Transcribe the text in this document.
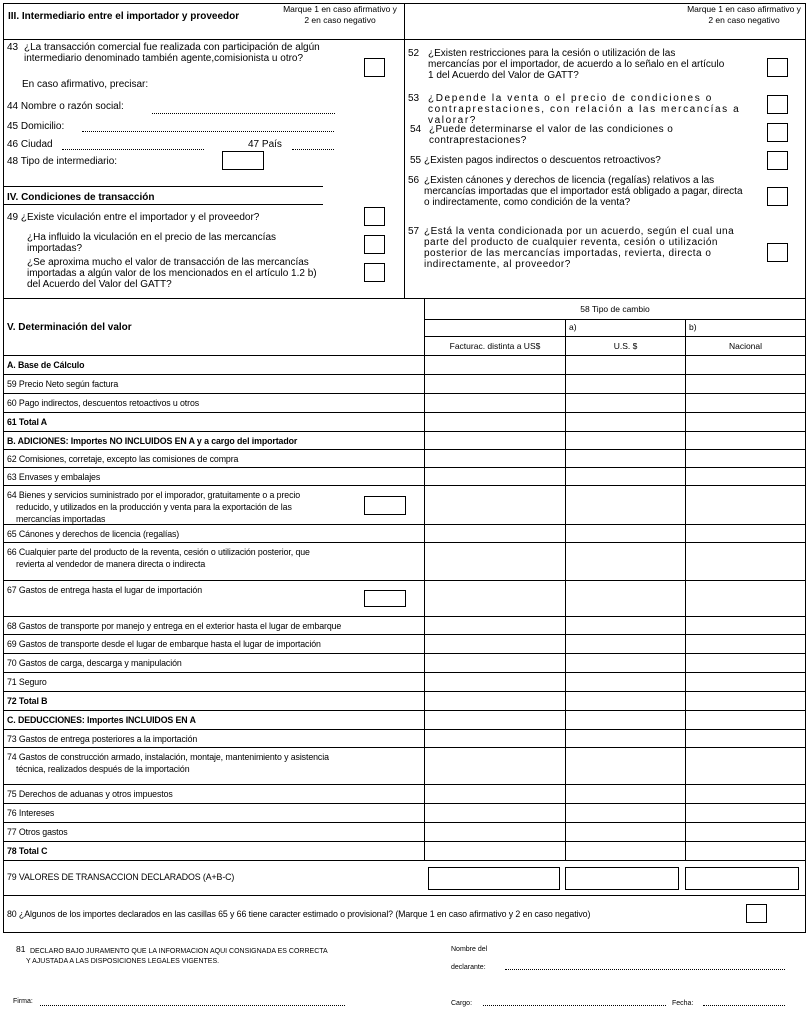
III. Intermediario entre el importador y proveedor
Marque 1 en caso afirmativo y 2 en caso negativo
Marque 1 en caso afirmativo y 2 en caso negativo
43 ¿La transacción comercial fue realizada con participación de algún intermediario denominado también agente,comisionista u otro?
En caso afirmativo, precisar:
44 Nombre o razón social:
45 Domicilio:
46 Ciudad	47 País
48 Tipo de intermediario:
IV. Condiciones de transacción
49 ¿Existe viculación entre el importador y el proveedor?
¿Ha influido la viculación en el precio de las mercancías importadas?
¿Se aproxima mucho el valor de transacción de las mercancías importadas a algún valor de los mencionados en el artículo 1.2 b) del Acuerdo del Valor del GATT?
52 ¿Existen restricciones para la cesión o utilización de las mercancías por el importador, de acuerdo a lo señalo en el artículo 1 del Acuerdo del Valor de GATT?
53 ¿Depende la venta o el precio de condiciones o contraprestaciones, con relación a las mercancías a valorar?
54 ¿Puede determinarse el valor de las condiciones o contraprestaciones?
55 ¿Existen pagos indirectos o descuentos retroactivos?
56 ¿Existen cánones y derechos de licencia (regalías) relativos a las mercancías importadas que el importador está obligado a pagar, directa o indirectamente, como condición de la venta?
57 ¿Está la venta condicionada por un acuerdo, según el cual una parte del producto de cualquier reventa, cesión o utilización posterior de las mercancías importadas, revierta, directa o indirectamente, al proveedor?
V. Determinación del valor
58 Tipo de cambio
a)	b)
Facturac. distinta a US$	U.S. $	Nacional
A. Base de Cálculo
59 Precio Neto según factura
60 Pago indirectos, descuentos retoactivos u otros
61 Total A
B. ADICIONES: Importes NO INCLUIDOS EN A y a cargo del importador
62 Comisiones, corretaje, excepto las comisiones de compra
63 Envases y embalajes
64 Bienes y servicios suministrado por el imporador, gratuitamente o a precio reducido, y utilizados en la producción y venta para la exportación de las mercancías importadas
65 Cánones y derechos de licencia (regalías)
66 Cualquier parte del producto de la reventa, cesión o utilización posterior, que revierta al vendedor de manera directa o indirecta
67 Gastos de entrega hasta el lugar de importación
68 Gastos de transporte por manejo y entrega en el exterior hasta el lugar de embarque
69 Gastos de transporte desde el lugar de embarque hasta el lugar de importación
70 Gastos de carga, descarga y manipulación
71 Seguro
72 Total B
C. DEDUCCIONES: Importes INCLUIDOS EN A
73 Gastos de entrega posteriores a la importación
74 Gastos de construcción armado, instalación, montaje, mantenimiento y asistencia técnica, realizados después de la importación
75 Derechos de aduanas y otros impuestos
76 Intereses
77 Otros gastos
78 Total C
79 VALORES DE TRANSACCION DECLARADOS (A+B-C)
80 ¿Algunos de los importes declarados en las casillas 65 y 66 tiene caracter estimado o provisional? (Marque 1 en caso afirmativo y 2 en caso negativo)
81 DECLARO BAJO JURAMENTO QUE LA INFORMACION AQUI CONSIGNADA ES CORRECTA
Y AJUSTADA A LAS DISPOSICIONES LEGALES VIGENTES.
Nombre del
declarante:
Firma:	Cargo:	Fecha:
